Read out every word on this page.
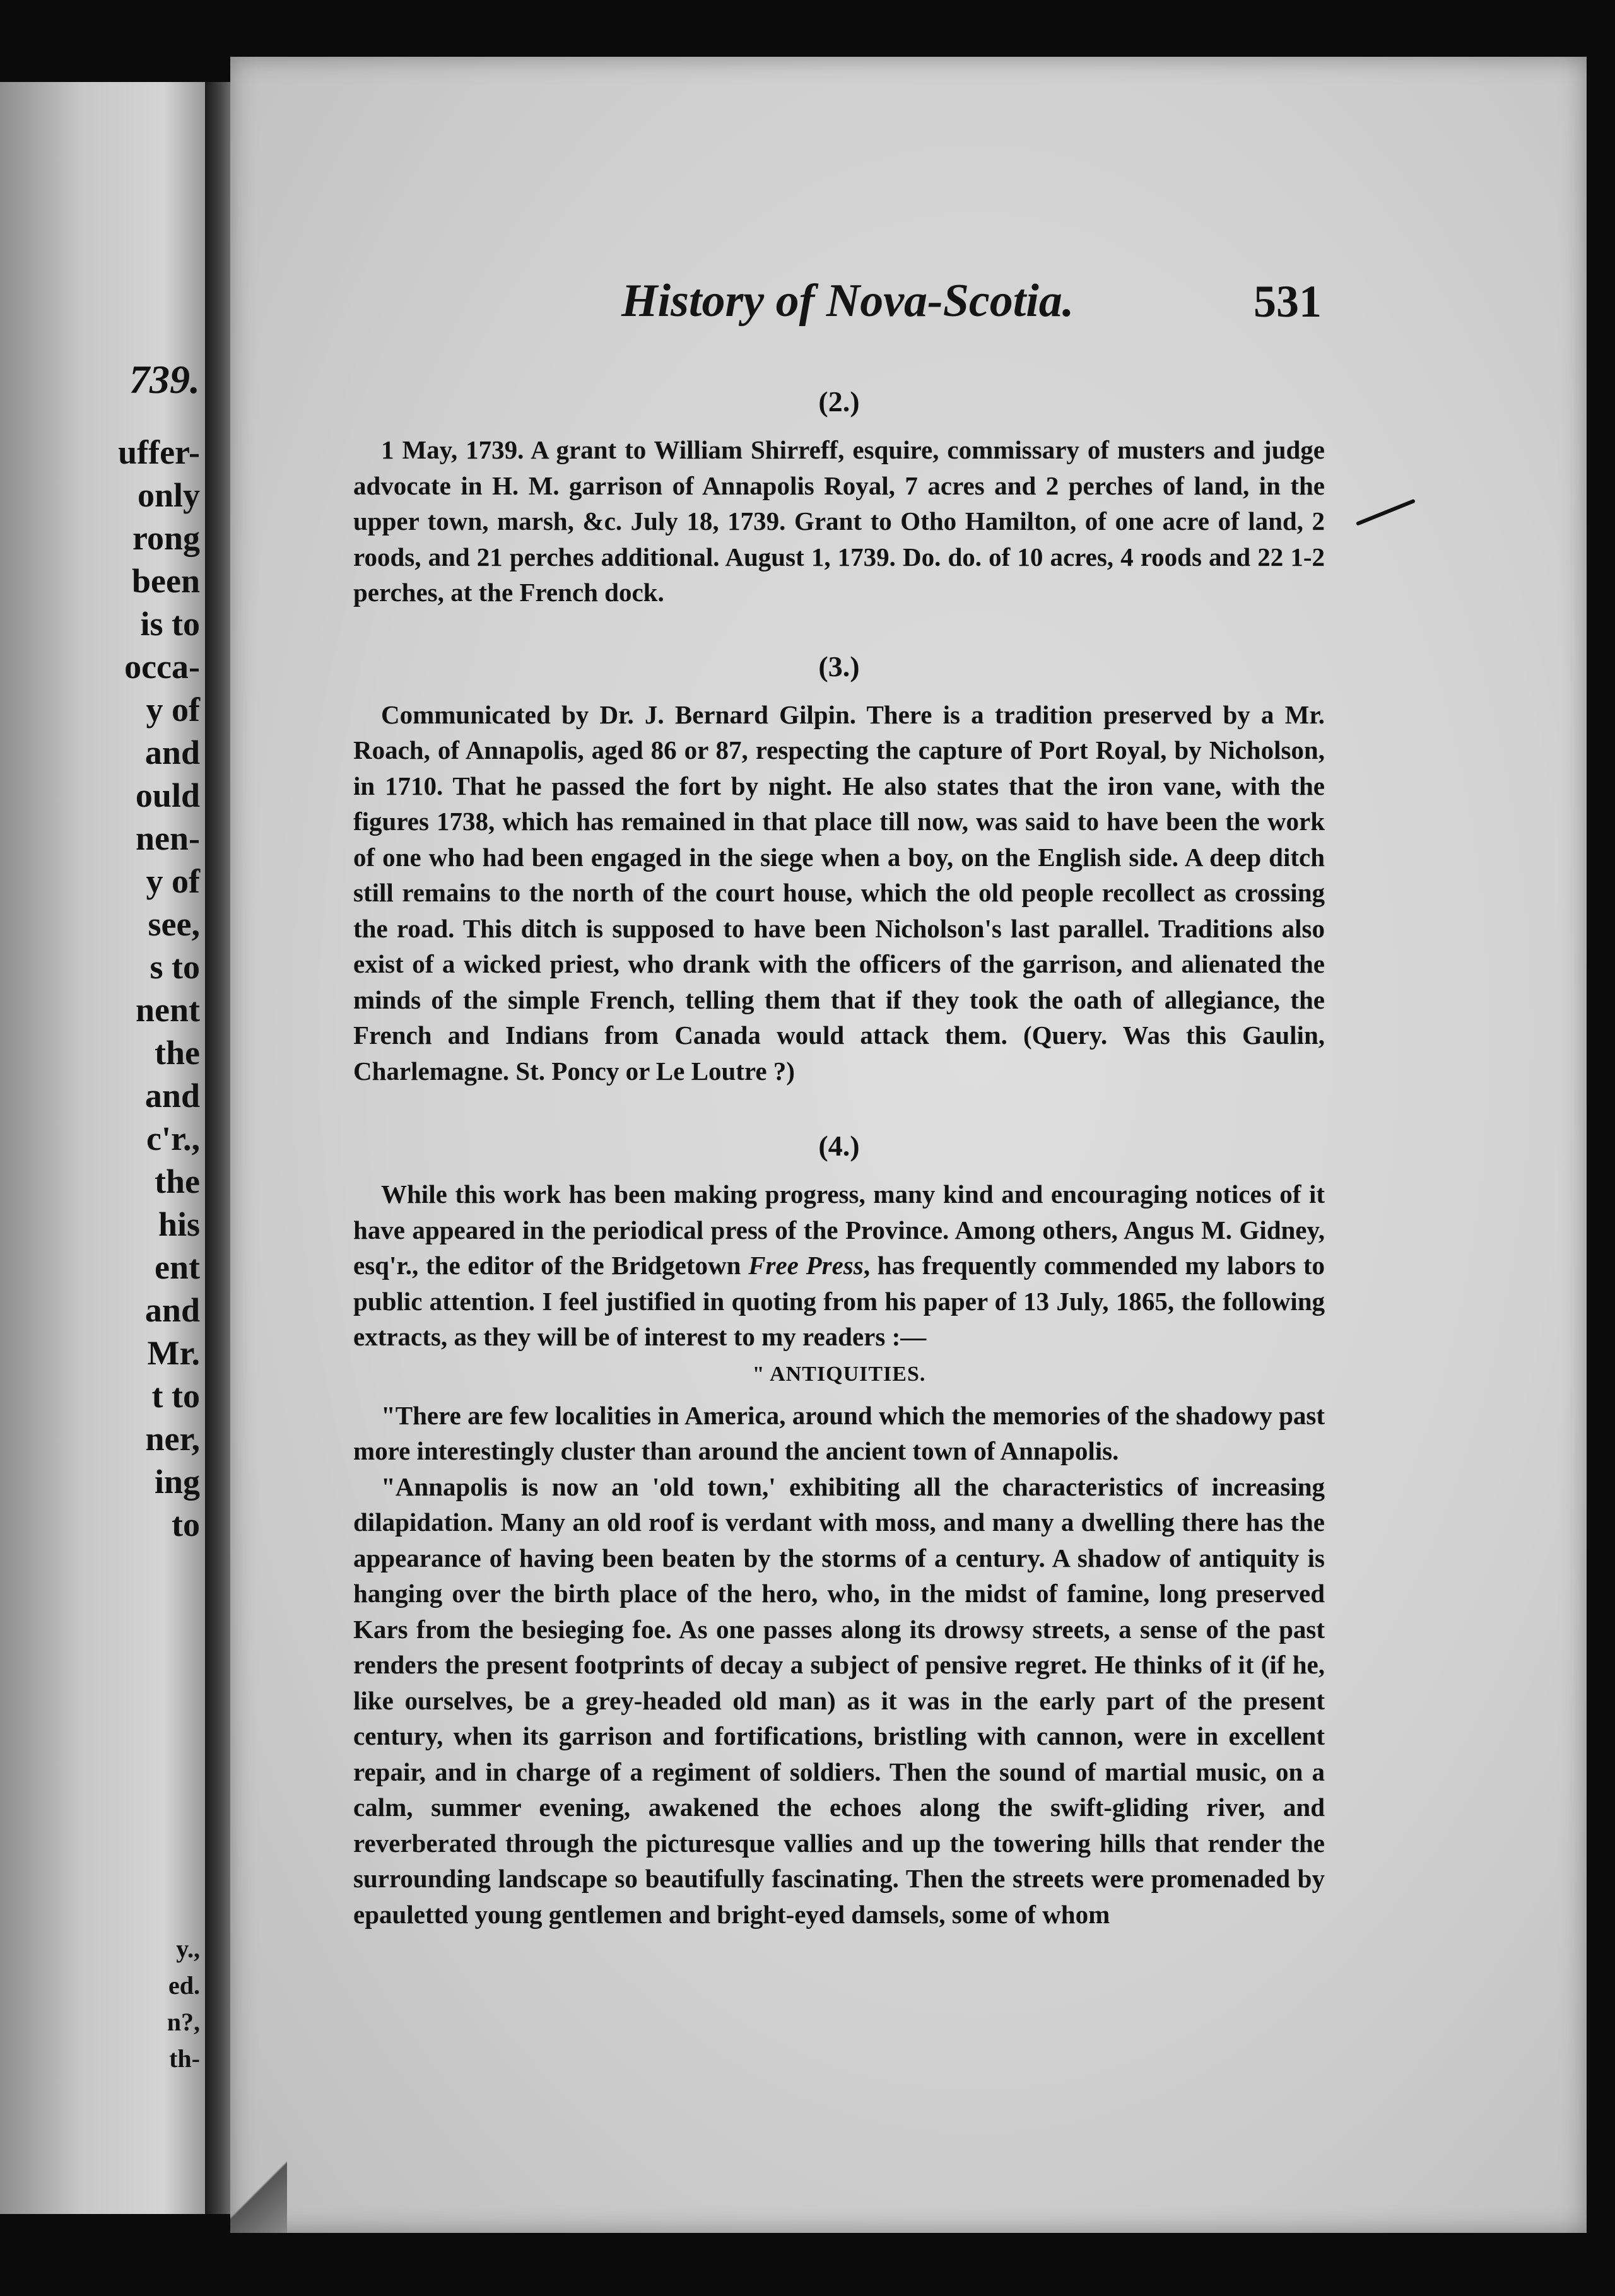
739.
uffer-
only
rong
been
is to
occa-
y of
and
ould
nen-
y of
see,
s to
nent
the
and
c'r.,
the
his
ent
and
Mr.
t to
ner,
ing
to
y.,
ed.
n?,
th-
History of Nova-Scotia.	531
(2.)

1 May, 1739. A grant to William Shirreff, esquire, commissary of musters and judge advocate in H. M. garrison of Annapolis Royal, 7 acres and 2 perches of land, in the upper town, marsh, &c. July 18, 1739. Grant to Otho Hamilton, of one acre of land, 2 roods, and 21 perches additional. August 1, 1739. Do. do. of 10 acres, 4 roods and 22 1-2 perches, at the French dock.

(3.)

Communicated by Dr. J. Bernard Gilpin. There is a tradition preserved by a Mr. Roach, of Annapolis, aged 86 or 87, respecting the capture of Port Royal, by Nicholson, in 1710. That he passed the fort by night. He also states that the iron vane, with the figures 1738, which has remained in that place till now, was said to have been the work of one who had been engaged in the siege when a boy, on the English side. A deep ditch still remains to the north of the court house, which the old people recollect as crossing the road. This ditch is supposed to have been Nicholson's last parallel. Traditions also exist of a wicked priest, who drank with the officers of the garrison, and alienated the minds of the simple French, telling them that if they took the oath of allegiance, the French and Indians from Canada would attack them. (Query. Was this Gaulin, Charlemagne. St. Poncy or Le Loutre ?)

(4.)

While this work has been making progress, many kind and encouraging notices of it have appeared in the periodical press of the Province. Among others, Angus M. Gidney, esq'r., the editor of the Bridgetown Free Press, has frequently commended my labors to public attention. I feel justified in quoting from his paper of 13 July, 1865, the following extracts, as they will be of interest to my readers :—

" ANTIQUITIES.

"There are few localities in America, around which the memories of the shadowy past more interestingly cluster than around the ancient town of Annapolis.

"Annapolis is now an 'old town,' exhibiting all the characteristics of increasing dilapidation. Many an old roof is verdant with moss, and many a dwelling there has the appearance of having been beaten by the storms of a century. A shadow of antiquity is hanging over the birth place of the hero, who, in the midst of famine, long preserved Kars from the besieging foe. As one passes along its drowsy streets, a sense of the past renders the present footprints of decay a subject of pensive regret. He thinks of it (if he, like ourselves, be a grey-headed old man) as it was in the early part of the present century, when its garrison and fortifications, bristling with cannon, were in excellent repair, and in charge of a regiment of soldiers. Then the sound of martial music, on a calm, summer evening, awakened the echoes along the swift-gliding river, and reverberated through the picturesque vallies and up the towering hills that render the surrounding landscape so beautifully fascinating. Then the streets were promenaded by epauletted young gentlemen and bright-eyed damsels, some of whom
